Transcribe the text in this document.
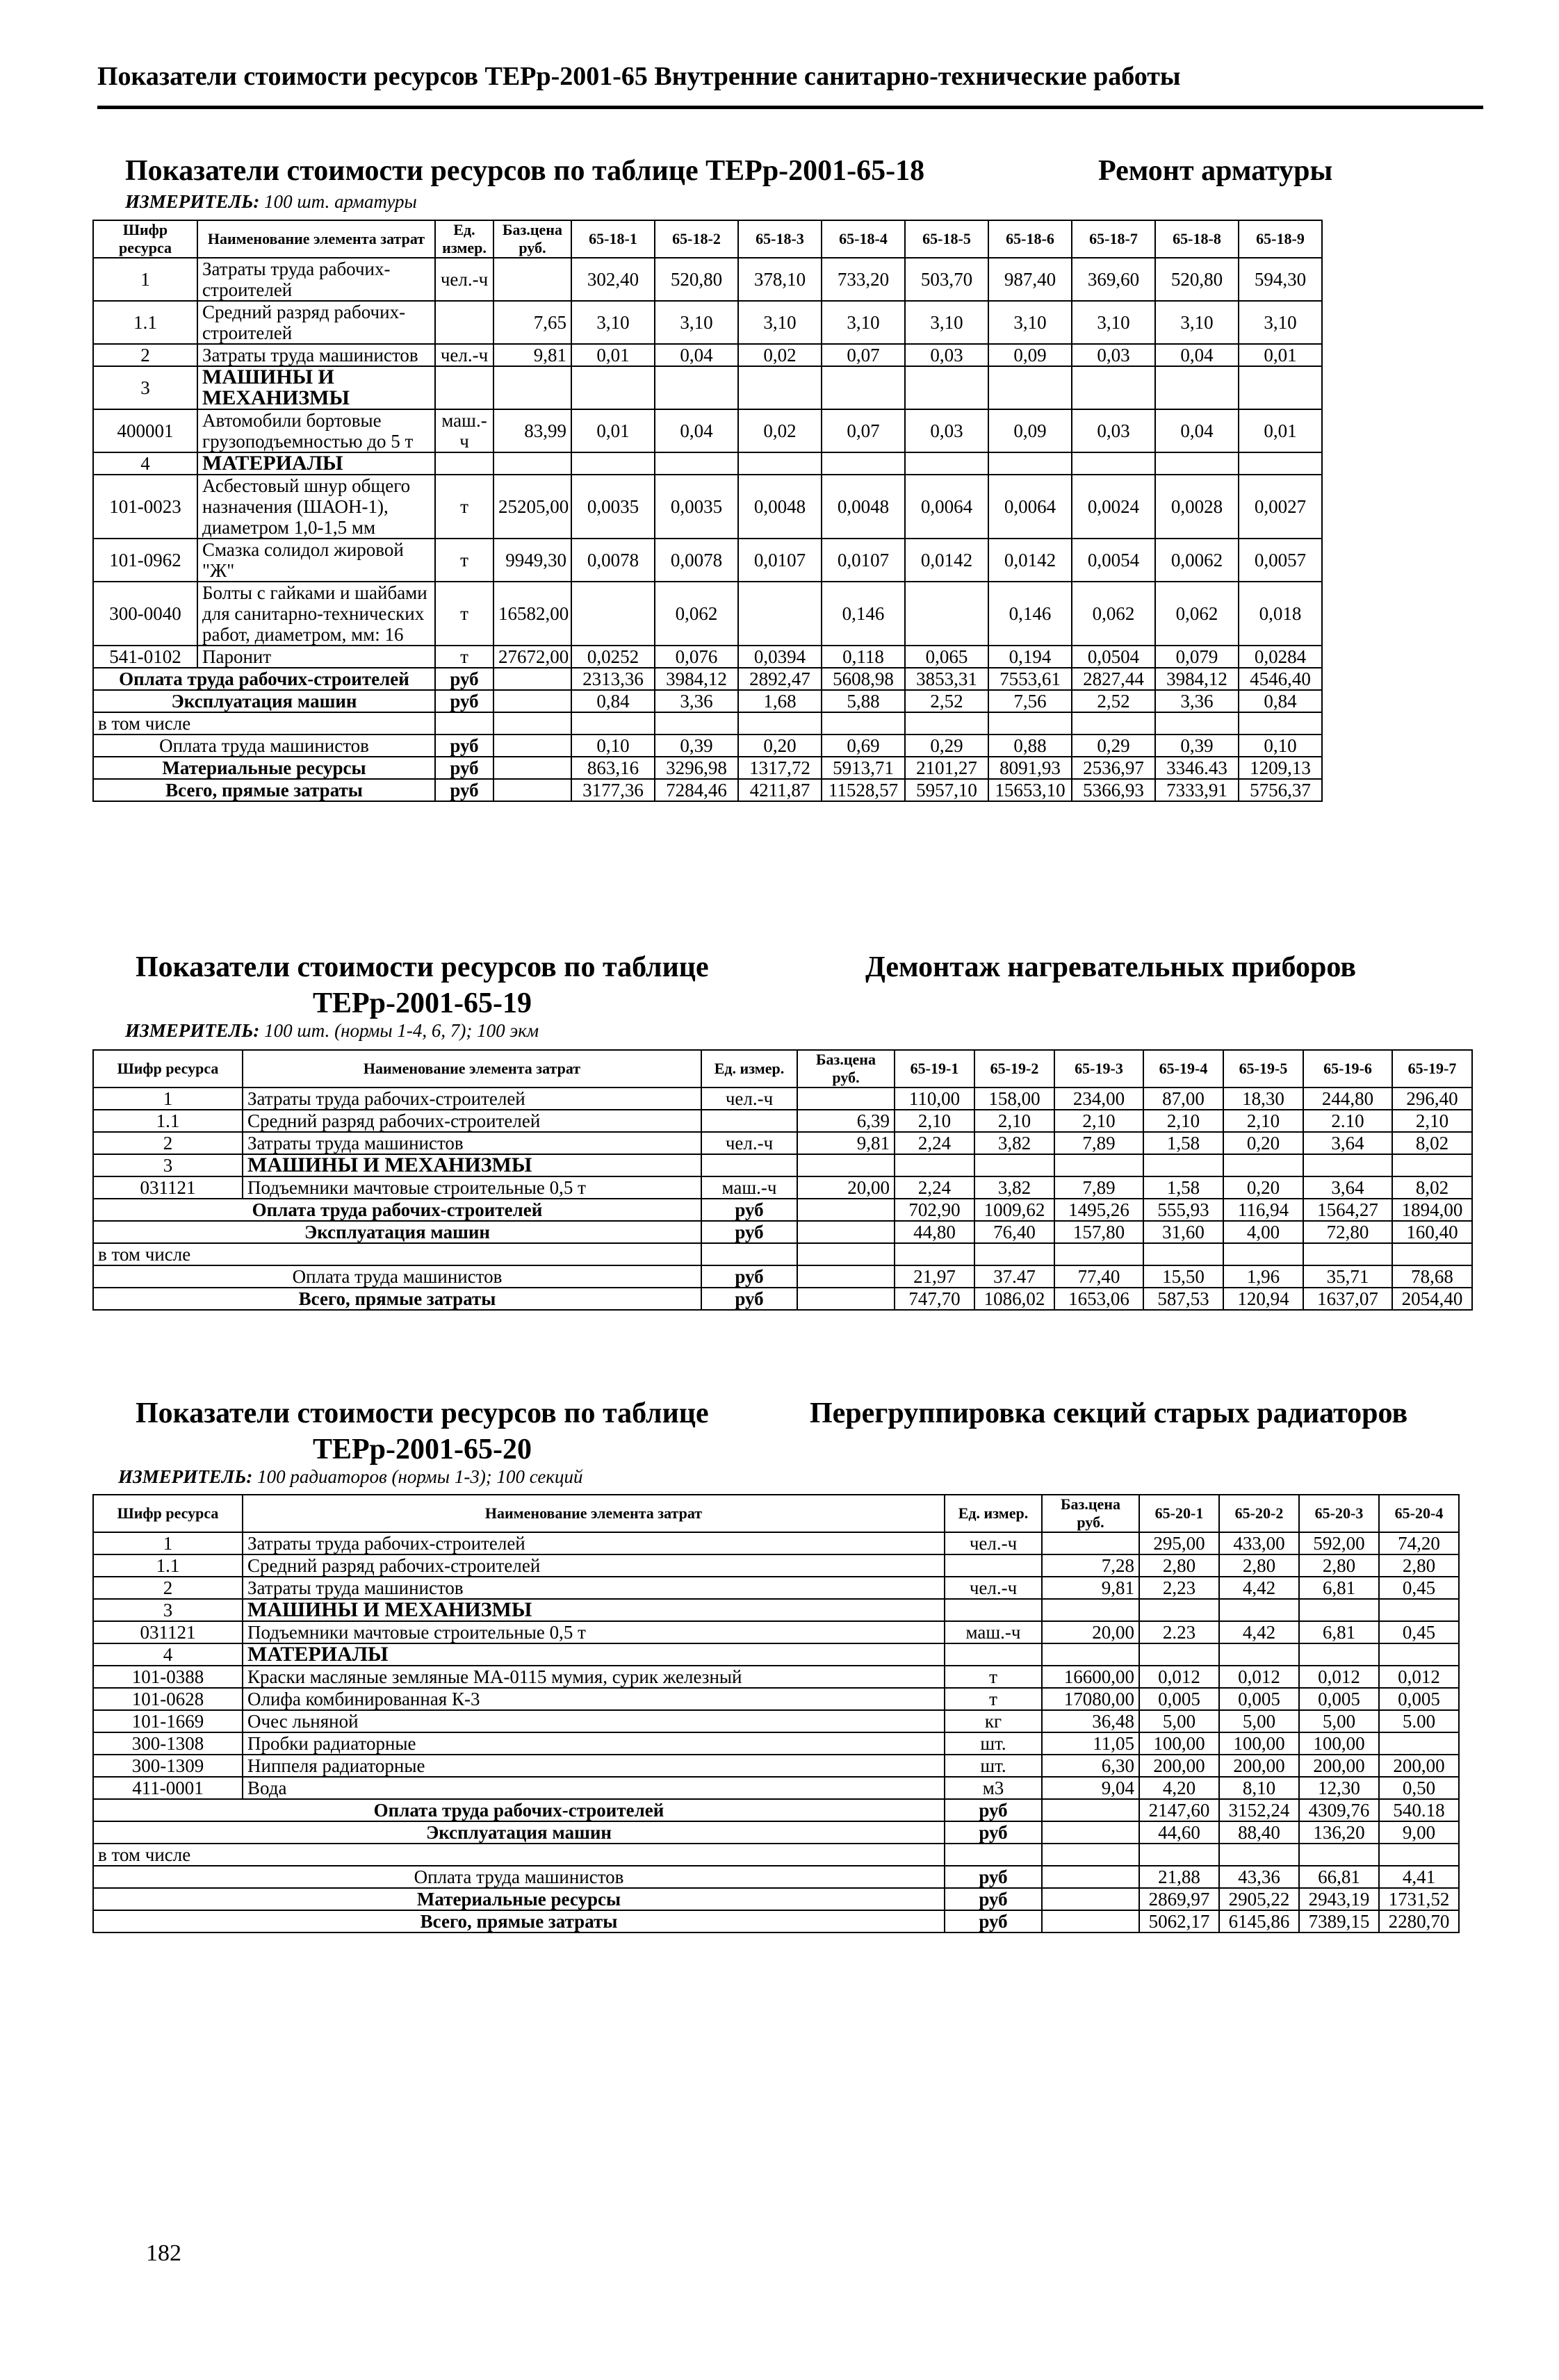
Показатели стоимости ресурсов ТЕРр-2001-65 Внутренние санитарно-технические работы
Показатели стоимости ресурсов по таблице ТЕРр-2001-65-18	Ремонт арматуры
ИЗМЕРИТЕЛЬ: 100 шт. арматуры
Шифр ресурса	Наименование элемента затрат	Ед. измер.	Баз.цена руб.	65-18-1	65-18-2	65-18-3	65-18-4	65-18-5	65-18-6	65-18-7	65-18-8	65-18-9
1	Затраты труда рабочих-строителей	чел.-ч		302,40	520,80	378,10	733,20	503,70	987,40	369,60	520,80	594,30
1.1	Средний разряд рабочих-строителей		7,65	3,10	3,10	3,10	3,10	3,10	3,10	3,10	3,10	3,10
2	Затраты труда машинистов	чел.-ч	9,81	0,01	0,04	0,02	0,07	0,03	0,09	0,03	0,04	0,01
3	МАШИНЫ И МЕХАНИЗМЫ											
400001	Автомобили бортовые грузоподъемностью до 5 т	маш.-ч	83,99	0,01	0,04	0,02	0,07	0,03	0,09	0,03	0,04	0,01
4	МАТЕРИАЛЫ											
101-0023	Асбестовый шнур общего назначения (ШАОН-1), диаметром 1,0-1,5 мм	т	25205,00	0,0035	0,0035	0,0048	0,0048	0,0064	0,0064	0,0024	0,0028	0,0027
101-0962	Смазка солидол жировой "Ж"	т	9949,30	0,0078	0,0078	0,0107	0,0107	0,0142	0,0142	0,0054	0,0062	0,0057
300-0040	Болты с гайками и шайбами для санитарно-технических работ, диаметром, мм: 16	т	16582,00		0,062		0,146		0,146	0,062	0,062	0,018
541-0102	Паронит	т	27672,00	0,0252	0,076	0,0394	0,118	0,065	0,194	0,0504	0,079	0,0284
Оплата труда рабочих-строителей		руб		2313,36	3984,12	2892,47	5608,98	3853,31	7553,61	2827,44	3984,12	4546,40
Эксплуатация машин		руб		0,84	3,36	1,68	5,88	2,52	7,56	2,52	3,36	0,84
в том числе												
Оплата труда машинистов		руб		0,10	0,39	0,20	0,69	0,29	0,88	0,29	0,39	0,10
Материальные ресурсы		руб		863,16	3296,98	1317,72	5913,71	2101,27	8091,93	2536,97	3346.43	1209,13
Всего, прямые затраты		руб		3177,36	7284,46	4211,87	11528,57	5957,10	15653,10	5366,93	7333,91	5756,37
Показатели стоимости ресурсов по таблице
ТЕРр-2001-65-19
Демонтаж нагревательных приборов
ИЗМЕРИТЕЛЬ: 100 шт. (нормы 1-4, 6, 7); 100 экм
Шифр ресурса	Наименование элемента затрат	Ед. измер.	Баз.цена руб.	65-19-1	65-19-2	65-19-3	65-19-4	65-19-5	65-19-6	65-19-7
1	Затраты труда рабочих-строителей	чел.-ч		110,00	158,00	234,00	87,00	18,30	244,80	296,40
1.1	Средний разряд рабочих-строителей		6,39	2,10	2,10	2,10	2,10	2,10	2.10	2,10
2	Затраты труда машинистов	чел.-ч	9,81	2,24	3,82	7,89	1,58	0,20	3,64	8,02
3	МАШИНЫ И МЕХАНИЗМЫ									
031121	Подъемники мачтовые строительные 0,5 т	маш.-ч	20,00	2,24	3,82	7,89	1,58	0,20	3,64	8,02
Оплата труда рабочих-строителей		руб		702,90	1009,62	1495,26	555,93	116,94	1564,27	1894,00
Эксплуатация машин		руб		44,80	76,40	157,80	31,60	4,00	72,80	160,40
в том числе										
Оплата труда машинистов		руб		21,97	37.47	77,40	15,50	1,96	35,71	78,68
Всего, прямые затраты		руб		747,70	1086,02	1653,06	587,53	120,94	1637,07	2054,40
Показатели стоимости ресурсов по таблице
ТЕРр-2001-65-20
Перегруппировка секций старых радиаторов
ИЗМЕРИТЕЛЬ: 100 радиаторов (нормы 1-3); 100 секций
Шифр ресурса	Наименование элемента затрат	Ед. измер.	Баз.цена руб.	65-20-1	65-20-2	65-20-3	65-20-4
1	Затраты труда рабочих-строителей	чел.-ч		295,00	433,00	592,00	74,20
1.1	Средний разряд рабочих-строителей		7,28	2,80	2,80	2,80	2,80
2	Затраты труда машинистов	чел.-ч	9,81	2,23	4,42	6,81	0,45
3	МАШИНЫ И МЕХАНИЗМЫ						
031121	Подъемники мачтовые строительные 0,5 т	маш.-ч	20,00	2.23	4,42	6,81	0,45
4	МАТЕРИАЛЫ						
101-0388	Краски масляные земляные МА-0115 мумия, сурик железный	т	16600,00	0,012	0,012	0,012	0,012
101-0628	Олифа комбинированная К-3	т	17080,00	0,005	0,005	0,005	0,005
101-1669	Очес льняной	кг	36,48	5,00	5,00	5,00	5.00
300-1308	Пробки радиаторные	шт.	11,05	100,00	100,00	100,00	
300-1309	Ниппеля радиаторные	шт.	6,30	200,00	200,00	200,00	200,00
411-0001	Вода	м3	9,04	4,20	8,10	12,30	0,50
Оплата труда рабочих-строителей		руб		2147,60	3152,24	4309,76	540.18
Эксплуатация машин		руб		44,60	88,40	136,20	9,00
в том числе							
Оплата труда машинистов		руб		21,88	43,36	66,81	4,41
Материальные ресурсы		руб		2869,97	2905,22	2943,19	1731,52
Всего, прямые затраты		руб		5062,17	6145,86	7389,15	2280,70
182
